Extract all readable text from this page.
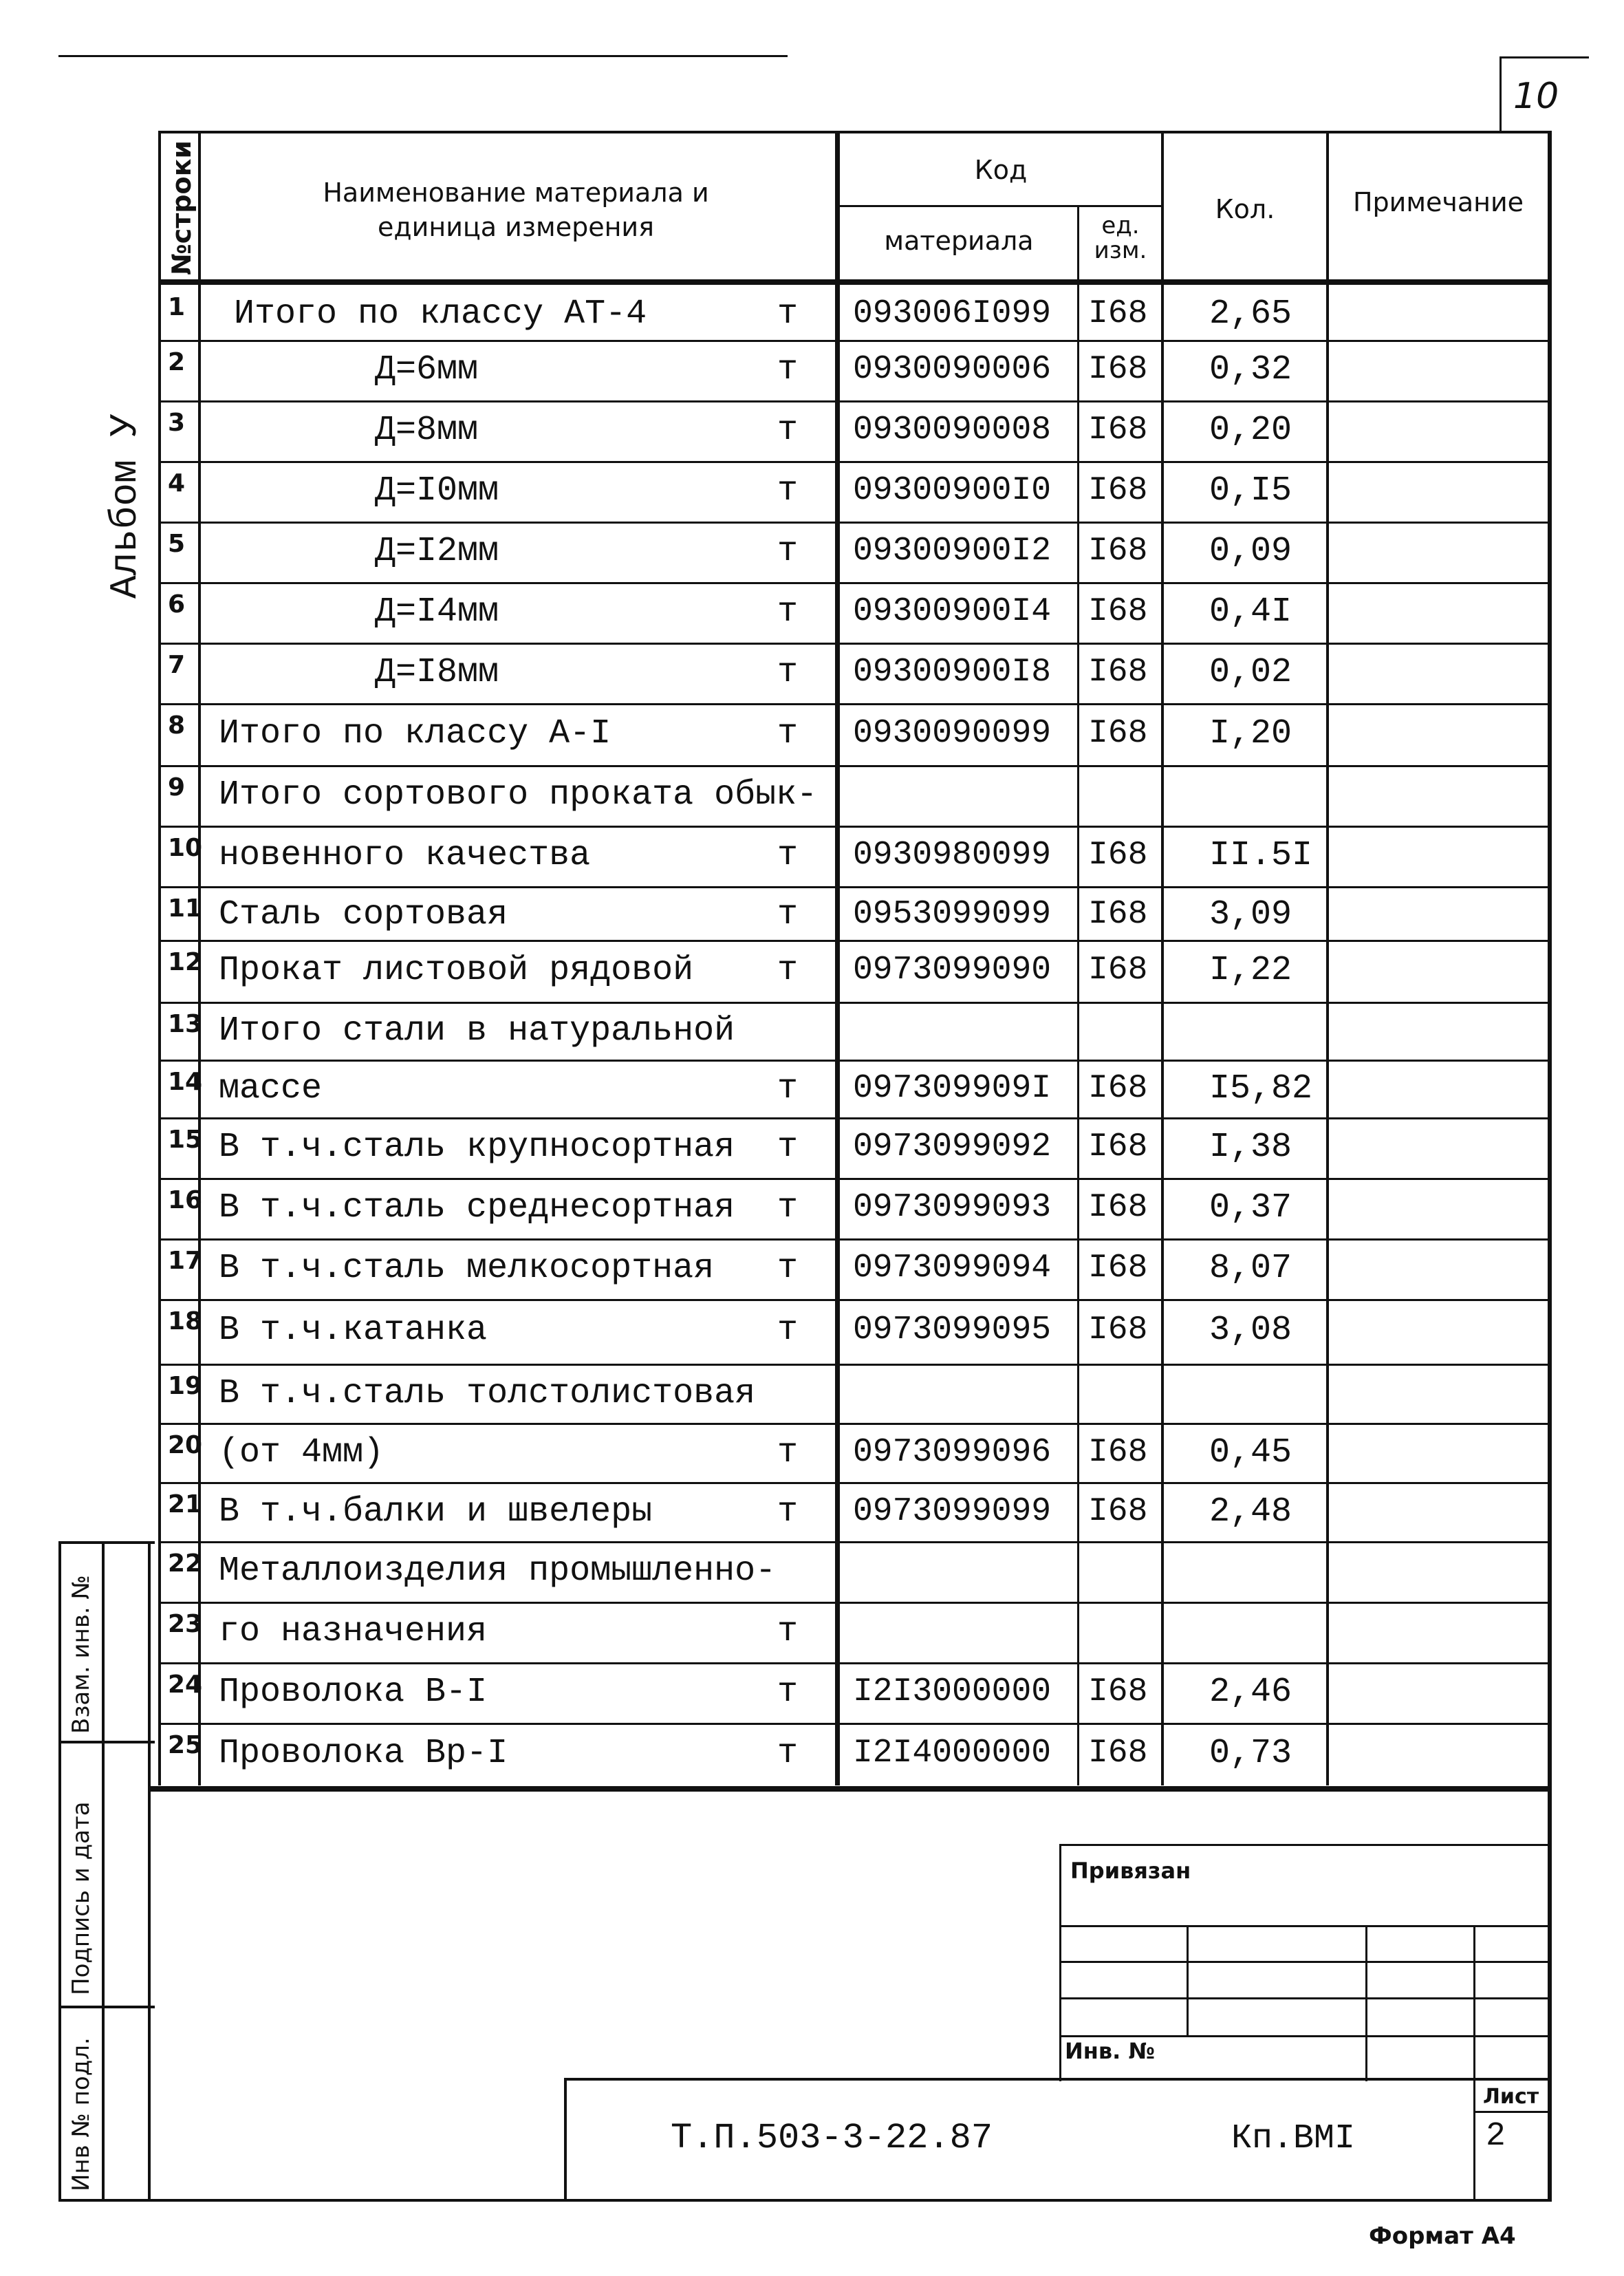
10
Альбом У
№строки	Наименование материала и
единица измерения
Код
материала	ед.
изм.
Кол.	Примечание
1 Итого по классу АТ-4	т 093006I099 I68 2,65
2	Д=6мм	т 0930090006 I68 0,32
3	Д=8мм	т 0930090008 I68 0,20
4	Д=I0мм	т 09300900I0 I68 0,I5
5	Д=I2мм	т 09300900I2 I68 0,09
6	Д=I4мм	т 09300900I4 I68 0,4I
7	Д=I8мм	т 09300900I8 I68 0,02
8 Итого по классу А-I	т 0930090099 I68 I,20
9 Итого сортового проката обык-
10 новенного качества	т 0930980099 I68 II.5I
11 Сталь сортовая	т 0953099099 I68 3,09
12 Прокат листовой рядовой т 0973099090 I68 I,22
13 Итого стали в натуральной
14 массе	т 097309909I I68 I5,82
15 В т.ч.сталь крупносортная т 0973099092 I68 I,38
16 В т.ч.сталь среднесортная т 0973099093 I68 0,37
17 В т.ч.сталь мелкосортная т 0973099094 I68 8,07
18 В т.ч.катанка	т 0973099095 I68 3,08
19 В т.ч.сталь толстолистовая
20 (от 4мм)	т 0973099096 I68 0,45
21 В т.ч.балки и швелеры	т 0973099099 I68 2,48
22 Металлоизделия промышленно-
23 го назначения	т
24 Проволока В-I	т I2I3000000 I68 2,46
25 Проволока Вр-I	т I2I4000000 I68 0,73
Взам. инв. №
Подпись и дата
Инв № подл.
Привязан
Инв. №
Т.П.503-3-22.87	Кп.ВМI
Лист
2
Формат А4
